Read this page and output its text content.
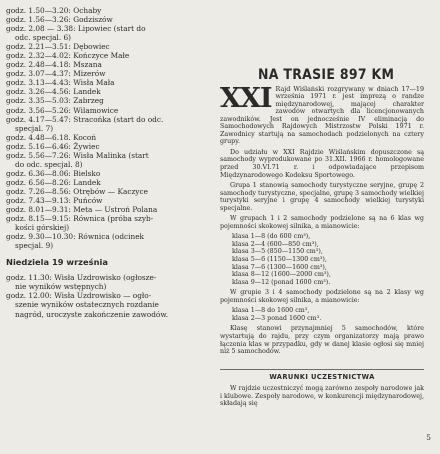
godz. 1.50—3.20: Ochaby
godz. 1.56—3.26: Godziszów
godz. 2.08 — 3.38: Lipowiec (start do
odc. specjal. 6)
godz. 2.21—3.51: Dębowiec
godz. 2.32—4.02: Kończyce Małe
godz. 2.48—4.18: Mszana
godz. 3.07—4.37: Mizerów
godz. 3.13—4.43: Wisła Mała
godz. 3.26—4.56: Landek
godz. 3.35—5.03: Zabrzeg
godz. 3.56—5.26: Wilamowice
godz. 4.17—5.47: Stracońka (start do odc.
specjal. 7)
godz. 4.48—6.18. Kocoń
godz. 5.16—6.46: Żywiec
godz. 5.56—7.26: Wisła Malinka (start
do odc. specjal. 8)
godz. 6.36—8.06: Bielsko
godz. 6.56—8.26: Landek
godz. 7.26—8.56: Otrębów — Kaczyce
godz. 7.43—9.13: Puńców
godz. 8.01—9.31: Meta — Ustroń Polana
godz. 8.15—9.15: Równica (próba szyb-
kości górskiej)
godz. 9.30—10.30: Równica (odcinek
specjal. 9)
Niedziela 19 września
godz. 11.30: Wisła Uzdrowisko (ogłosze-
nie wyników wstępnych)
godz. 12.00: Wisła Uzdrowisko — ogło-
szenie wyników ostatecznych rozdanie
nagród, uroczyste zakończenie zawodów.
NA TRASIE 897 KM
XXI Rajd Wiślański rozgrywany w dniach 17—19 września 1971 r. jest imprezą o randze międzynarodowej, mającej charakter zawodów otwartych dla licencjonowanych zawodników. Jest on jednocześnie IV eliminacją do Samochodowych Rajdowych Mistrzostw Polski 1971 r. Zawodnicy startują na samochodach podzielonych na cztery grupy.
Do udziału w XXI Rajdzie Wiślańskim dopuszczone są samochody wyprodukowane po 31.XII. 1966 r. homologowane przed 30.VI.71 r. i odpowiadające przepisom Międzynarodowego Kodeksu Sportowego.
Grupa 1 stanowią samochody turystyczne seryjne, grupę 2 samochody turystyczne, specjalne, grupę 3 samochody wielkiej turystyki seryjne i grupę 4 samochody wielkiej turystyki specjalne.
W grupach 1 i 2 samochody podzielone są na 6 klas wg pojemności skokowej silnika, a mianowicie:
klasa 1—8 (do 600 cm³),
klasa 2—4 (600—850 cm³),
klasa 3—5 (850—1150 cm³),
klasa 5—6 (1150—1300 cm³),
klasa 7—6 (1300—1600 cm³),
klasa 8—12 (1600—2000 cm³),
klasa 9—12 (ponad 1600 cm³).
W grupie 3 i 4 samochody podzielone są na 2 klasy wg pojemności skokowej silnika, a mianowicie:
klasa 1—8 do 1600 cm³,
klasa 2—3 ponad 1600 cm³.
Klasę stanowi przynajmniej 5 samochodów, które wystartują do rajdu, przy czym organizatorzy mają prawo łączenia klas w przypadku, gdy w danej klasie ogłosi się mniej niż 5 samochodów.
WARUNKI UCZESTNICTWA
W rajdzie uczestniczyć mogą zarówno zespoły narodowe jak i klubowe. Zespoły narodowe, w konkurencji międzynarodowej, składają się
5
